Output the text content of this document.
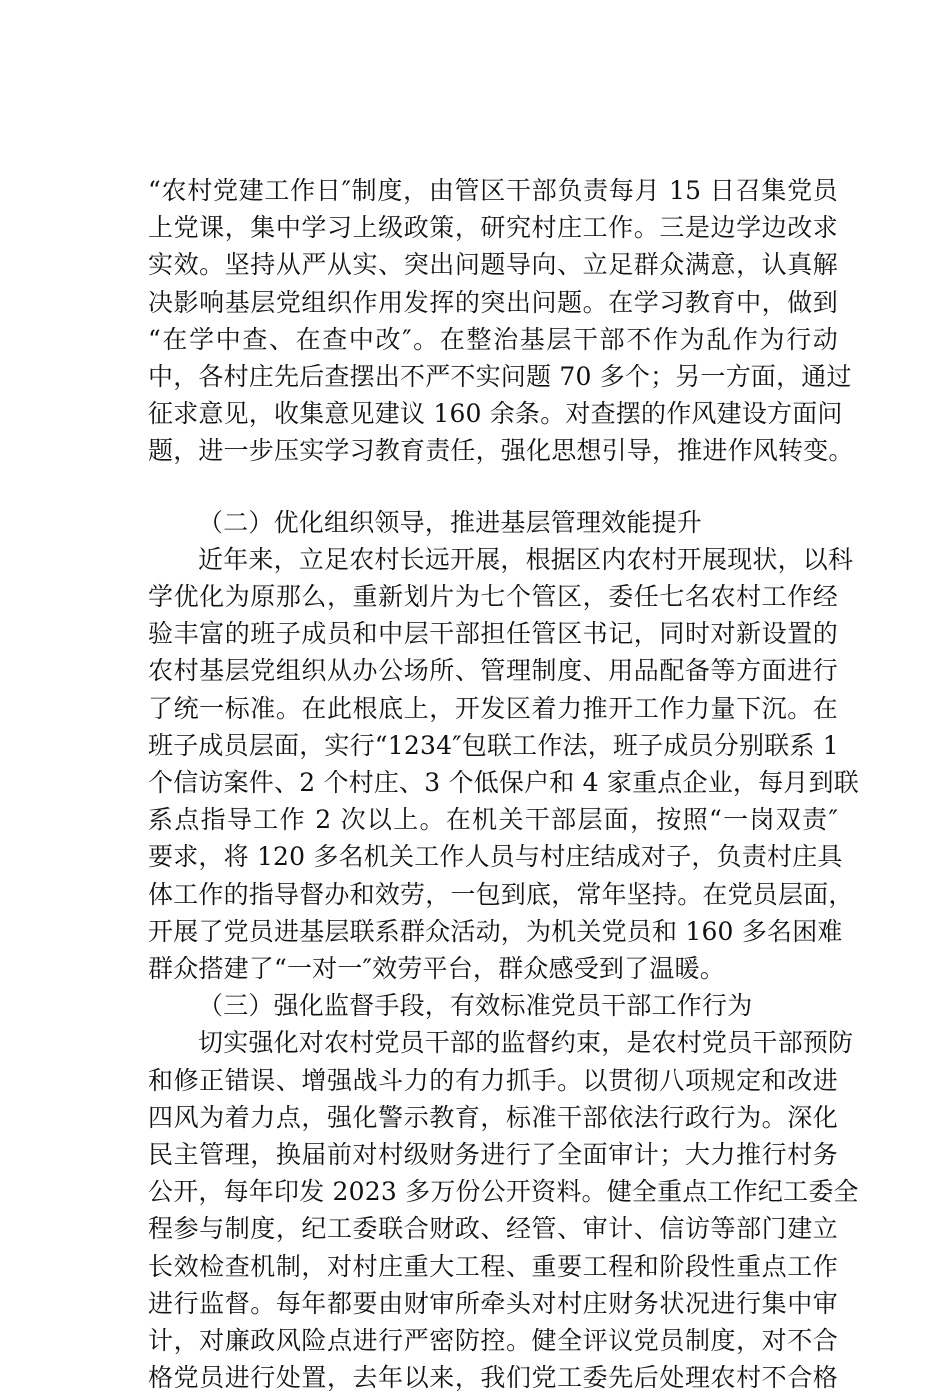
“农村党建工作日″制度，由管区干部负责每月 15 日召集党员
上党课，集中学习上级政策，研究村庄工作。三是边学边改求
实效。坚持从严从实、突出问题导向、立足群众满意，认真解
决影响基层党组织作用发挥的突出问题。在学习教育中，做到
“在学中查、在查中改″。在整治基层干部不作为乱作为行动
中，各村庄先后查摆出不严不实问题 70 多个；另一方面，通过
征求意见，收集意见建议 160 余条。对查摆的作风建设方面问
题，进一步压实学习教育责任，强化思想引导，推进作风转变。
（二）优化组织领导，推进基层管理效能提升
近年来，立足农村长远开展，根据区内农村开展现状，以科
学优化为原那么，重新划片为七个管区，委任七名农村工作经
验丰富的班子成员和中层干部担任管区书记，同时对新设置的
农村基层党组织从办公场所、管理制度、用品配备等方面进行
了统一标准。在此根底上，开发区着力推开工作力量下沉。在
班子成员层面，实行“1234″包联工作法，班子成员分别联系 1
个信访案件、2 个村庄、3 个低保户和 4 家重点企业，每月到联
系点指导工作 2 次以上。在机关干部层面，按照“一岗双责″
要求，将 120 多名机关工作人员与村庄结成对子，负责村庄具
体工作的指导督办和效劳，一包到底，常年坚持。在党员层面，
开展了党员进基层联系群众活动，为机关党员和 160 多名困难
群众搭建了“一对一″效劳平台，群众感受到了温暖。
（三）强化监督手段，有效标准党员干部工作行为
切实强化对农村党员干部的监督约束，是农村党员干部预防
和修正错误、增强战斗力的有力抓手。以贯彻八项规定和改进
四风为着力点，强化警示教育，标准干部依法行政行为。深化
民主管理，换届前对村级财务进行了全面审计；大力推行村务
公开，每年印发 2023 多万份公开资料。健全重点工作纪工委全
程参与制度，纪工委联合财政、经管、审计、信访等部门建立
长效检查机制，对村庄重大工程、重要工程和阶段性重点工作
进行监督。每年都要由财审所牵头对村庄财务状况进行集中审
计，对廉政风险点进行严密防控。健全评议党员制度，对不合
格党员进行处置，去年以来，我们党工委先后处理农村不合格
